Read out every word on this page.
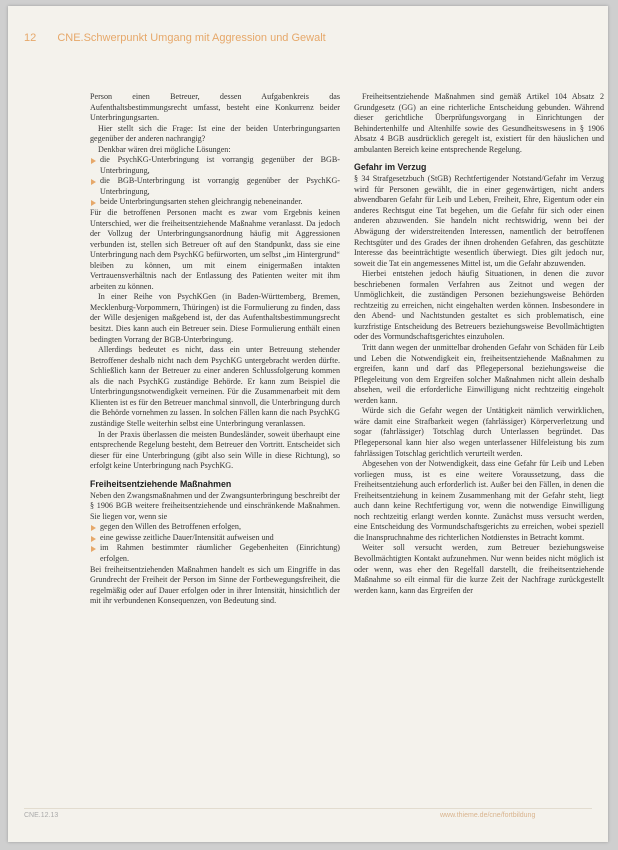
12 CNE.Schwerpunkt Umgang mit Aggression und Gewalt

Person einen Betreuer, dessen Aufgabenkreis das Aufenthaltsbestimmungsrecht umfasst, besteht eine Konkurrenz beider Unterbringungsarten.

Hier stellt sich die Frage: Ist eine der beiden Unterbringungsarten gegenüber der anderen nachrangig?

Denkbar wären drei mögliche Lösungen:

die PsychKG-Unterbringung ist vorrangig gegenüber der BGB-Unterbringung,
die BGB-Unterbringung ist vorrangig gegenüber der PsychKG-Unterbringung,
beide Unterbringungsarten stehen gleichrangig nebeneinander.

Für die betroffenen Personen macht es zwar vom Ergebnis keinen Unterschied, wer die freiheitsentziehende Maßnahme veranlasst. Da jedoch der Vollzug der Unterbringungsanordnung häufig mit Aggressionen verbunden ist, stellen sich Betreuer oft auf den Standpunkt, dass sie eine Unterbringung nach dem PsychKG befürworten, um selbst „im Hintergrund“ bleiben zu können, um mit einem einigermaßen intakten Vertrauensverhältnis nach der Entlassung des Patienten weiter mit ihm arbeiten zu können.

In einer Reihe von PsychKGen (in Baden-Württemberg, Bremen, Mecklenburg-Vorpommern, Thüringen) ist die Formulierung zu finden, dass der Wille desjenigen maßgebend ist, der das Aufenthaltsbestimmungsrecht besitzt. Dies kann auch ein Betreuer sein. Diese Formulierung enthält einen bedingten Vorrang der BGB-Unterbringung.

Allerdings bedeutet es nicht, dass ein unter Betreuung stehender Betroffener deshalb nicht nach dem PsychKG untergebracht werden dürfte. Schließlich kann der Betreuer zu einer anderen Schlussfolgerung kommen als die nach PsychKG zuständige Behörde. Er kann zum Beispiel die Unterbringungsnotwendigkeit verneinen. Für die Zusammenarbeit mit dem Klienten ist es für den Betreuer manchmal sinnvoll, die Unterbringung durch die Behörde vornehmen zu lassen. In solchen Fällen kann die nach PsychKG zuständige Stelle weiterhin selbst eine Unterbringung veranlassen.

In der Praxis überlassen die meisten Bundesländer, soweit überhaupt eine entsprechende Regelung besteht, dem Betreuer den Vortritt. Entscheidet sich dieser für eine Unterbringung (gibt also sein Wille in diese Richtung), so erfolgt keine Unterbringung nach PsychKG.

Freiheitsentziehende Maßnahmen

Neben den Zwangsmaßnahmen und der Zwangsunterbringung beschreibt der § 1906 BGB weitere freiheitsentziehende und einschränkende Maßnahmen. Sie liegen vor, wenn sie

gegen den Willen des Betroffenen erfolgen,
eine gewisse zeitliche Dauer/Intensität aufweisen und
im Rahmen bestimmter räumlicher Gegebenheiten (Einrichtung) erfolgen.

Bei freiheitsentziehenden Maßnahmen handelt es sich um Eingriffe in das Grundrecht der Freiheit der Person im Sinne der Fortbewegungsfreiheit, die regelmäßig oder auf Dauer erfolgen oder in ihrer Intensität, hinsichtlich der mit ihr verbundenen Konsequenzen, von Bedeutung sind.

Freiheitsentziehende Maßnahmen sind gemäß Artikel 104 Absatz 2 Grundgesetz (GG) an eine richterliche Entscheidung gebunden. Während dieser gerichtliche Überprüfungsvorgang in Einrichtungen der Behindertenhilfe und Altenhilfe sowie des Gesundheitswesens in § 1906 Absatz 4 BGB ausdrücklich geregelt ist, existiert für den häuslichen und ambulanten Bereich keine entsprechende Regelung.

Gefahr im Verzug

§ 34 Strafgesetzbuch (StGB) Rechtfertigender Notstand/Gefahr im Verzug wird für Personen gewählt, die in einer gegenwärtigen, nicht anders abwendbaren Gefahr für Leib und Leben, Freiheit, Ehre, Eigentum oder ein anderes Rechtsgut eine Tat begehen, um die Gefahr für sich oder einen anderen abzuwenden. Sie handeln nicht rechtswidrig, wenn bei der Abwägung der widerstreitenden Interessen, namentlich der betroffenen Rechtsgüter und des Grades der ihnen drohenden Gefahren, das geschützte Interesse das beeinträchtigte wesentlich überwiegt. Dies gilt jedoch nur, soweit die Tat ein angemessenes Mittel ist, um die Gefahr abzuwenden.

Hierbei entstehen jedoch häufig Situationen, in denen die zuvor beschriebenen formalen Verfahren aus Zeitnot und wegen der Unmöglichkeit, die zuständigen Personen beziehungsweise Behörden rechtzeitig zu erreichen, nicht eingehalten werden können. Insbesondere in den Abend- und Nachtstunden gestaltet es sich problematisch, eine kurzfristige Entscheidung des Betreuers beziehungsweise Bevollmächtigten oder des Vormundschaftsgerichtes einzuholen.

Tritt dann wegen der unmittelbar drohenden Gefahr von Schäden für Leib und Leben die Notwendigkeit ein, freiheitsentziehende Maßnahmen zu ergreifen, kann und darf das Pflegepersonal beziehungsweise die Pflegeleitung von dem Ergreifen solcher Maßnahmen nicht allein deshalb absehen, weil die erforderliche Einwilligung nicht rechtzeitig eingeholt werden kann.

Würde sich die Gefahr wegen der Untätigkeit nämlich verwirklichen, wäre damit eine Strafbarkeit wegen (fahrlässiger) Körperverletzung und sogar (fahrlässiger) Totschlag durch Unterlassen begründet. Das Pflegepersonal kann hier also wegen unterlassener Hilfeleistung bis zum fahrlässigen Totschlag gerichtlich verurteilt werden.

Abgesehen von der Notwendigkeit, dass eine Gefahr für Leib und Leben vorliegen muss, ist es eine weitere Voraussetzung, dass die Freiheitsentziehung auch erforderlich ist. Außer bei den Fällen, in denen die Freiheitsentziehung in keinem Zusammenhang mit der Gefahr steht, liegt auch dann keine Rechtfertigung vor, wenn die notwendige Einwilligung noch rechtzeitig erlangt werden konnte. Zunächst muss versucht werden, eine Entscheidung des Vormundschaftsgerichts zu erreichen, wobei speziell die Inanspruchnahme des richterlichen Notdienstes in Betracht kommt.

Weiter soll versucht werden, zum Betreuer beziehungsweise Bevollmächtigten Kontakt aufzunehmen. Nur wenn beides nicht möglich ist oder wenn, was eher den Regelfall darstellt, die freiheitsentziehende Maßnahme so eilt einmal für die kurze Zeit der Nachfrage zurückgestellt werden kann, kann das Ergreifen der

CNE.12.13	www.thieme.de/cne/fortbildung
